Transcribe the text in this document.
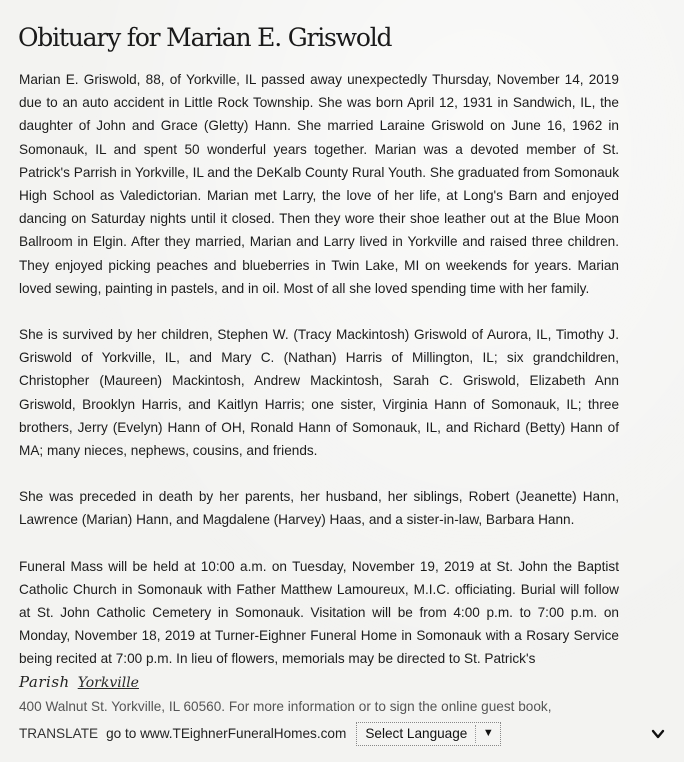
Obituary for Marian E. Griswold

Marian E. Griswold, 88, of Yorkville, IL passed away unexpectedly Thursday, November 14, 2019 due to an auto accident in Little Rock Township. She was born April 12, 1931 in Sandwich, IL, the daughter of John and Grace (Gletty) Hann. She married Laraine Griswold on June 16, 1962 in Somonauk, IL and spent 50 wonderful years together. Marian was a devoted member of St. Patrick's Parrish in Yorkville, IL and the DeKalb County Rural Youth. She graduated from Somonauk High School as Valedictorian. Marian met Larry, the love of her life, at Long's Barn and enjoyed dancing on Saturday nights until it closed. Then they wore their shoe leather out at the Blue Moon Ballroom in Elgin. After they married, Marian and Larry lived in Yorkville and raised three children. They enjoyed picking peaches and blueberries in Twin Lake, MI on weekends for years. Marian loved sewing, painting in pastels, and in oil. Most of all she loved spending time with her family.

She is survived by her children, Stephen W. (Tracy Mackintosh) Griswold of Aurora, IL, Timothy J. Griswold of Yorkville, IL, and Mary C. (Nathan) Harris of Millington, IL; six grandchildren, Christopher (Maureen) Mackintosh, Andrew Mackintosh, Sarah C. Griswold, Elizabeth Ann Griswold, Brooklyn Harris, and Kaitlyn Harris; one sister, Virginia Hann of Somonauk, IL; three brothers, Jerry (Evelyn) Hann of OH, Ronald Hann of Somonauk, IL, and Richard (Betty) Hann of MA; many nieces, nephews, cousins, and friends.

She was preceded in death by her parents, her husband, her siblings, Robert (Jeanette) Hann, Lawrence (Marian) Hann, and Magdalene (Harvey) Haas, and a sister-in-law, Barbara Hann.

Funeral Mass will be held at 10:00 a.m. on Tuesday, November 19, 2019 at St. John the Baptist Catholic Church in Somonauk with Father Matthew Lamoureux, M.I.C. officiating. Burial will follow at St. John Catholic Cemetery in Somonauk. Visitation will be from 4:00 p.m. to 7:00 p.m. on Monday, November 18, 2019 at Turner-Eighner Funeral Home in Somonauk with a Rosary Service being recited at 7:00 p.m. In lieu of flowers, memorials may be directed to St. Patrick's

Parish Yorkville
400 Walnut St. Yorkville, IL 60560. For more information or to sign the online guest book,
TRANSLATE go to www.TEighnerFuneralHomes.com Select Language	▼
